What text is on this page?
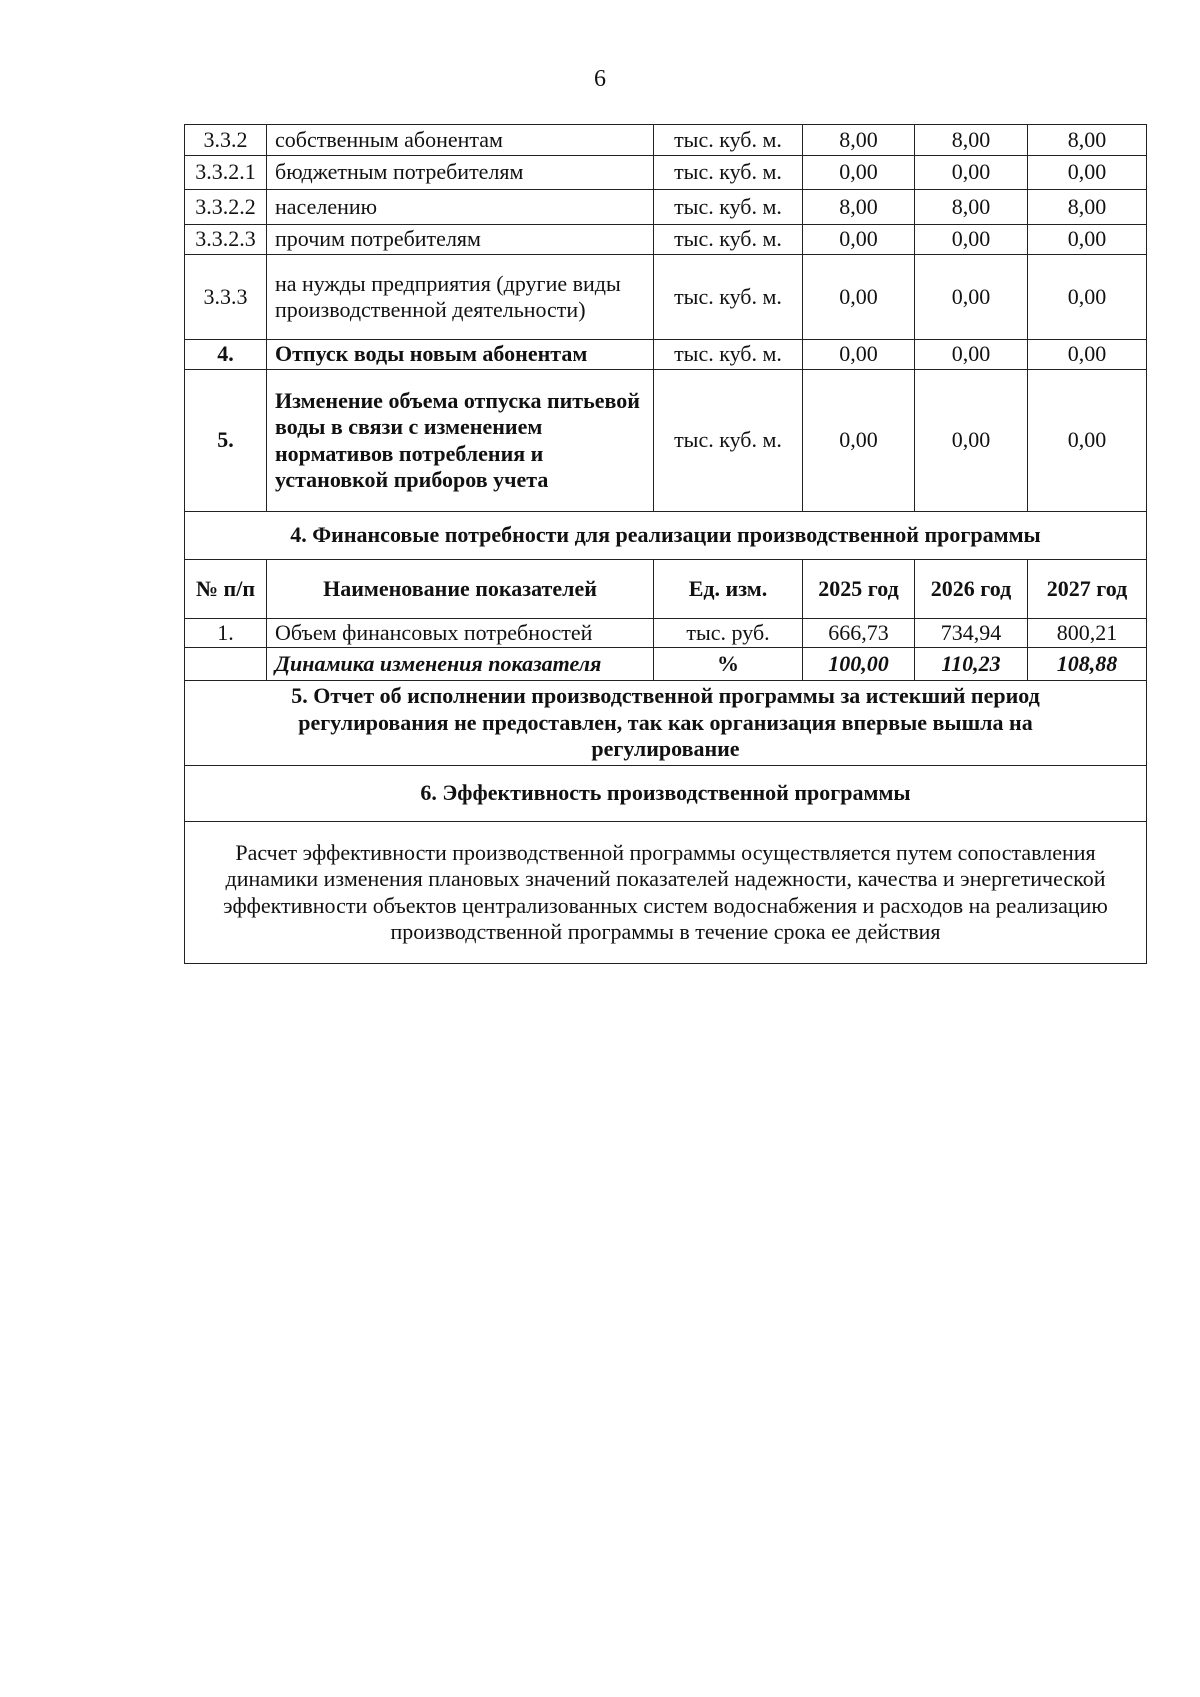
6
3.3.2	собственным абонентам	тыс. куб. м.	8,00	8,00	8,00
3.3.2.1	бюджетным потребителям	тыс. куб. м.	0,00	0,00	0,00
3.3.2.2	населению	тыс. куб. м.	8,00	8,00	8,00
3.3.2.3	прочим потребителям	тыс. куб. м.	0,00	0,00	0,00
3.3.3	на нужды предприятия (другие виды производственной деятельности)	тыс. куб. м.	0,00	0,00	0,00
4.	Отпуск воды новым абонентам	тыс. куб. м.	0,00	0,00	0,00
5.	Изменение объема отпуска питьевой воды в связи с изменением нормативов потребления и установкой приборов учета	тыс. куб. м.	0,00	0,00	0,00
4. Финансовые потребности для реализации производственной программы					
№ п/п	Наименование показателей	Ед. изм.	2025 год	2026 год	2027 год
1.	Объем финансовых потребностей	тыс. руб.	666,73	734,94	800,21
	Динамика изменения показателя	%	100,00	110,23	108,88
5. Отчет об исполнении производственной программы за истекший период регулирования не предоставлен, так как организация впервые вышла на регулирование					
6. Эффективность производственной программы					
Расчет эффективности производственной программы осуществляется путем сопоставления динамики изменения плановых значений показателей надежности, качества и энергетической эффективности объектов централизованных систем водоснабжения и расходов на реализацию производственной программы в течение срока ее действия					
